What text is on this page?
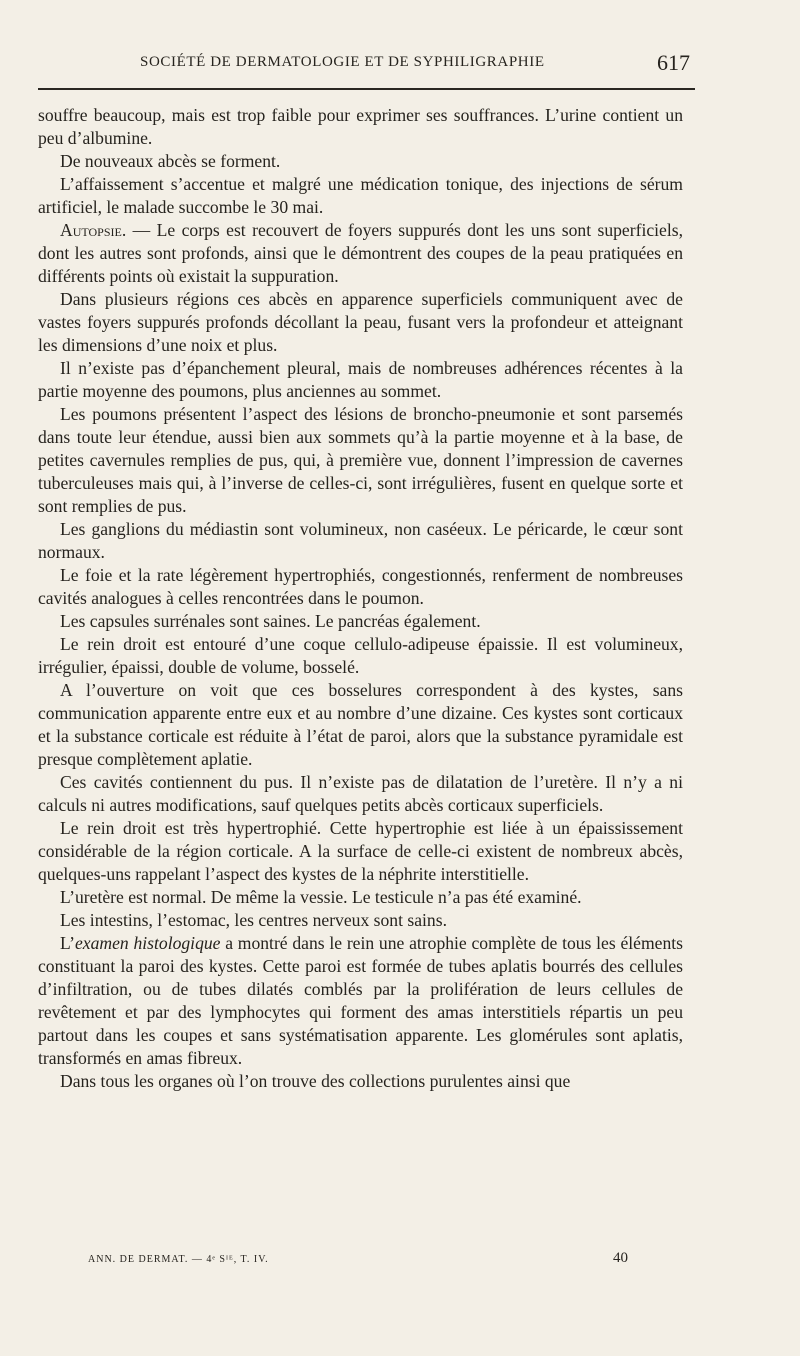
SOCIÉTÉ DE DERMATOLOGIE ET DE SYPHILIGRAPHIE	617

souffre beaucoup, mais est trop faible pour exprimer ses souffrances. L’urine contient un peu d’albumine.

De nouveaux abcès se forment.

L’affaissement s’accentue et malgré une médication tonique, des injections de sérum artificiel, le malade succombe le 30 mai.

Autopsie. — Le corps est recouvert de foyers suppurés dont les uns sont superficiels, dont les autres sont profonds, ainsi que le démontrent des coupes de la peau pratiquées en différents points où existait la suppuration.

Dans plusieurs régions ces abcès en apparence superficiels communiquent avec de vastes foyers suppurés profonds décollant la peau, fusant vers la profondeur et atteignant les dimensions d’une noix et plus.

Il n’existe pas d’épanchement pleural, mais de nombreuses adhérences récentes à la partie moyenne des poumons, plus anciennes au sommet.

Les poumons présentent l’aspect des lésions de broncho-pneumonie et sont parsemés dans toute leur étendue, aussi bien aux sommets qu’à la partie moyenne et à la base, de petites cavernules remplies de pus, qui, à première vue, donnent l’impression de cavernes tuberculeuses mais qui, à l’inverse de celles-ci, sont irrégulières, fusent en quelque sorte et sont remplies de pus.

Les ganglions du médiastin sont volumineux, non caséeux. Le péricarde, le cœur sont normaux.

Le foie et la rate légèrement hypertrophiés, congestionnés, renferment de nombreuses cavités analogues à celles rencontrées dans le poumon.

Les capsules surrénales sont saines. Le pancréas également.

Le rein droit est entouré d’une coque cellulo-adipeuse épaissie. Il est volumineux, irrégulier, épaissi, double de volume, bosselé.

A l’ouverture on voit que ces bosselures correspondent à des kystes, sans communication apparente entre eux et au nombre d’une dizaine. Ces kystes sont corticaux et la substance corticale est réduite à l’état de paroi, alors que la substance pyramidale est presque complètement aplatie.

Ces cavités contiennent du pus. Il n’existe pas de dilatation de l’uretère. Il n’y a ni calculs ni autres modifications, sauf quelques petits abcès corticaux superficiels.

Le rein droit est très hypertrophié. Cette hypertrophie est liée à un épaississement considérable de la région corticale. A la surface de celle-ci existent de nombreux abcès, quelques-uns rappelant l’aspect des kystes de la néphrite interstitielle.

L’uretère est normal. De même la vessie. Le testicule n’a pas été examiné.

Les intestins, l’estomac, les centres nerveux sont sains.

L’examen histologique a montré dans le rein une atrophie complète de tous les éléments constituant la paroi des kystes. Cette paroi est formée de tubes aplatis bourrés des cellules d’infiltration, ou de tubes dilatés comblés par la prolifération de leurs cellules de revêtement et par des lymphocytes qui forment des amas interstitiels répartis un peu partout dans les coupes et sans systématisation apparente. Les glomérules sont aplatis, transformés en amas fibreux.

Dans tous les organes où l’on trouve des collections purulentes ainsi que

ANN. DE DERMAT. — 4ᵉ Sᴵᴱ, T. IV.	40
